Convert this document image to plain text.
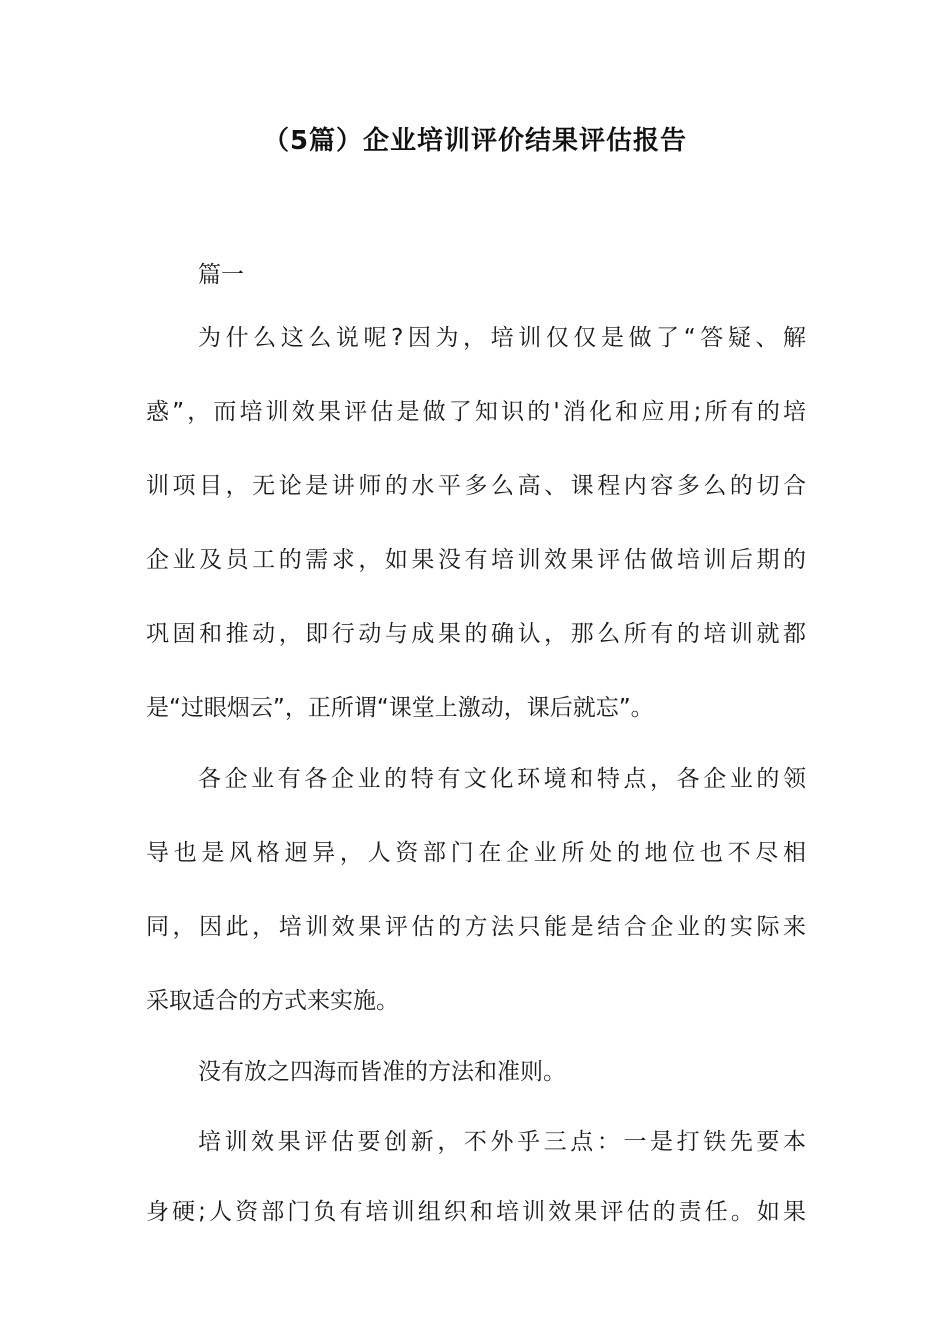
（5篇）企业培训评价结果评估报告
篇一
为什么这么说呢?因为，培训仅仅是做了“答疑、解
惑”，而培训效果评估是做了知识的'消化和应用;所有的培
训项目，无论是讲师的水平多么高、课程内容多么的切合
企业及员工的需求，如果没有培训效果评估做培训后期的
巩固和推动，即行动与成果的确认，那么所有的培训就都
是“过眼烟云”，正所谓“课堂上激动，课后就忘”。
各企业有各企业的特有文化环境和特点，各企业的领
导也是风格迥异，人资部门在企业所处的地位也不尽相
同，因此，培训效果评估的方法只能是结合企业的实际来
采取适合的方式来实施。
没有放之四海而皆准的方法和准则。
培训效果评估要创新，不外乎三点：一是打铁先要本
身硬;人资部门负有培训组织和培训效果评估的责任。如果
